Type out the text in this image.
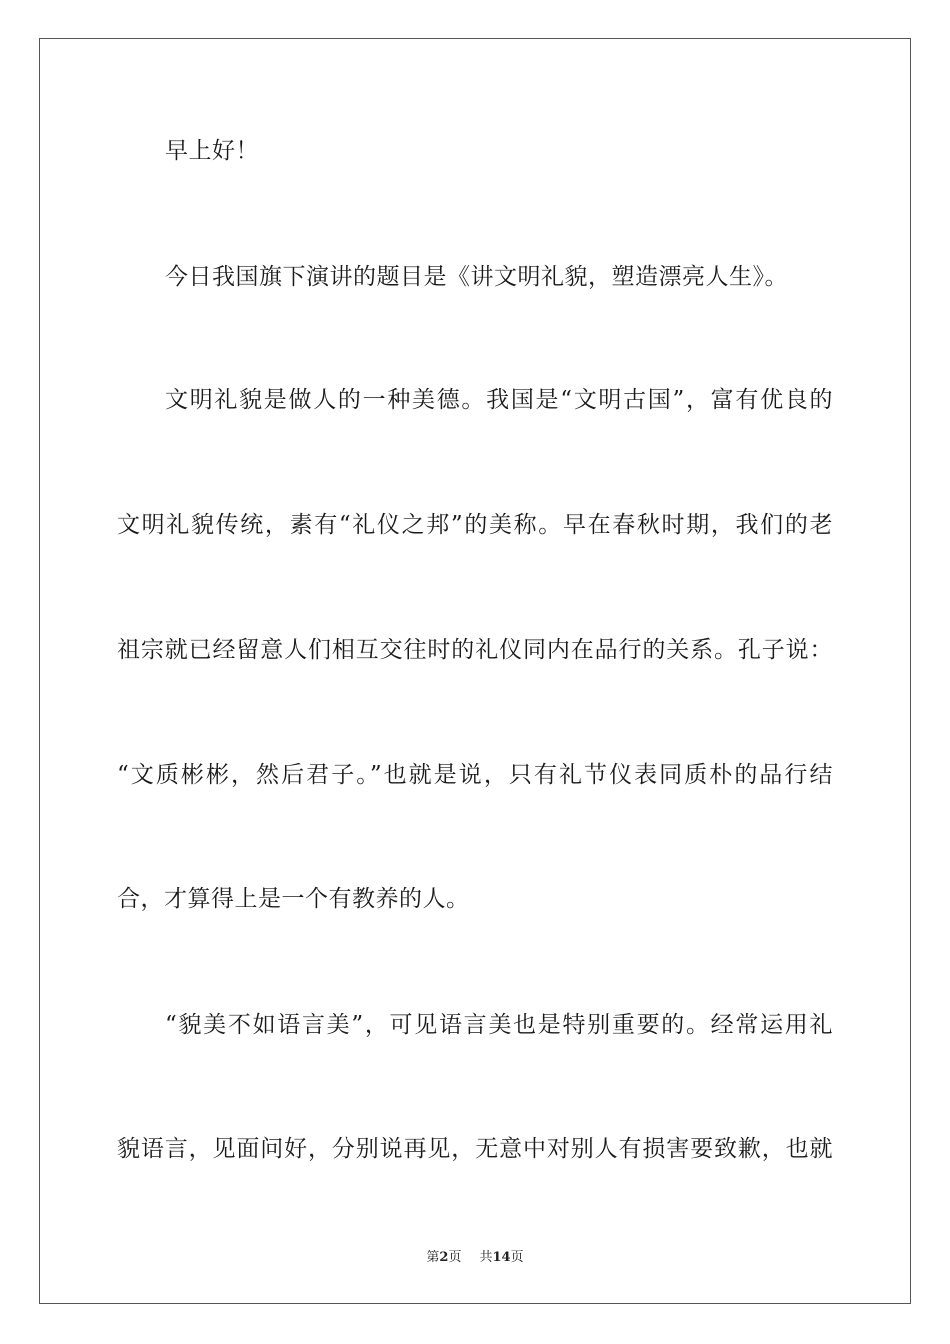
早上好！
今日我国旗下演讲的题目是《讲文明礼貌，塑造漂亮人生》。
文明礼貌是做人的一种美德。我国是“文明古国”，富有优良的
文明礼貌传统，素有“礼仪之邦”的美称。早在春秋时期，我们的老
祖宗就已经留意人们相互交往时的礼仪同内在品行的关系。孔子说：
“文质彬彬，然后君子。”也就是说，只有礼节仪表同质朴的品行结
合，才算得上是一个有教养的人。
“貌美不如语言美”，可见语言美也是特别重要的。经常运用礼
貌语言，见面问好，分别说再见，无意中对别人有损害要致歉，也就
第2页 共14页
